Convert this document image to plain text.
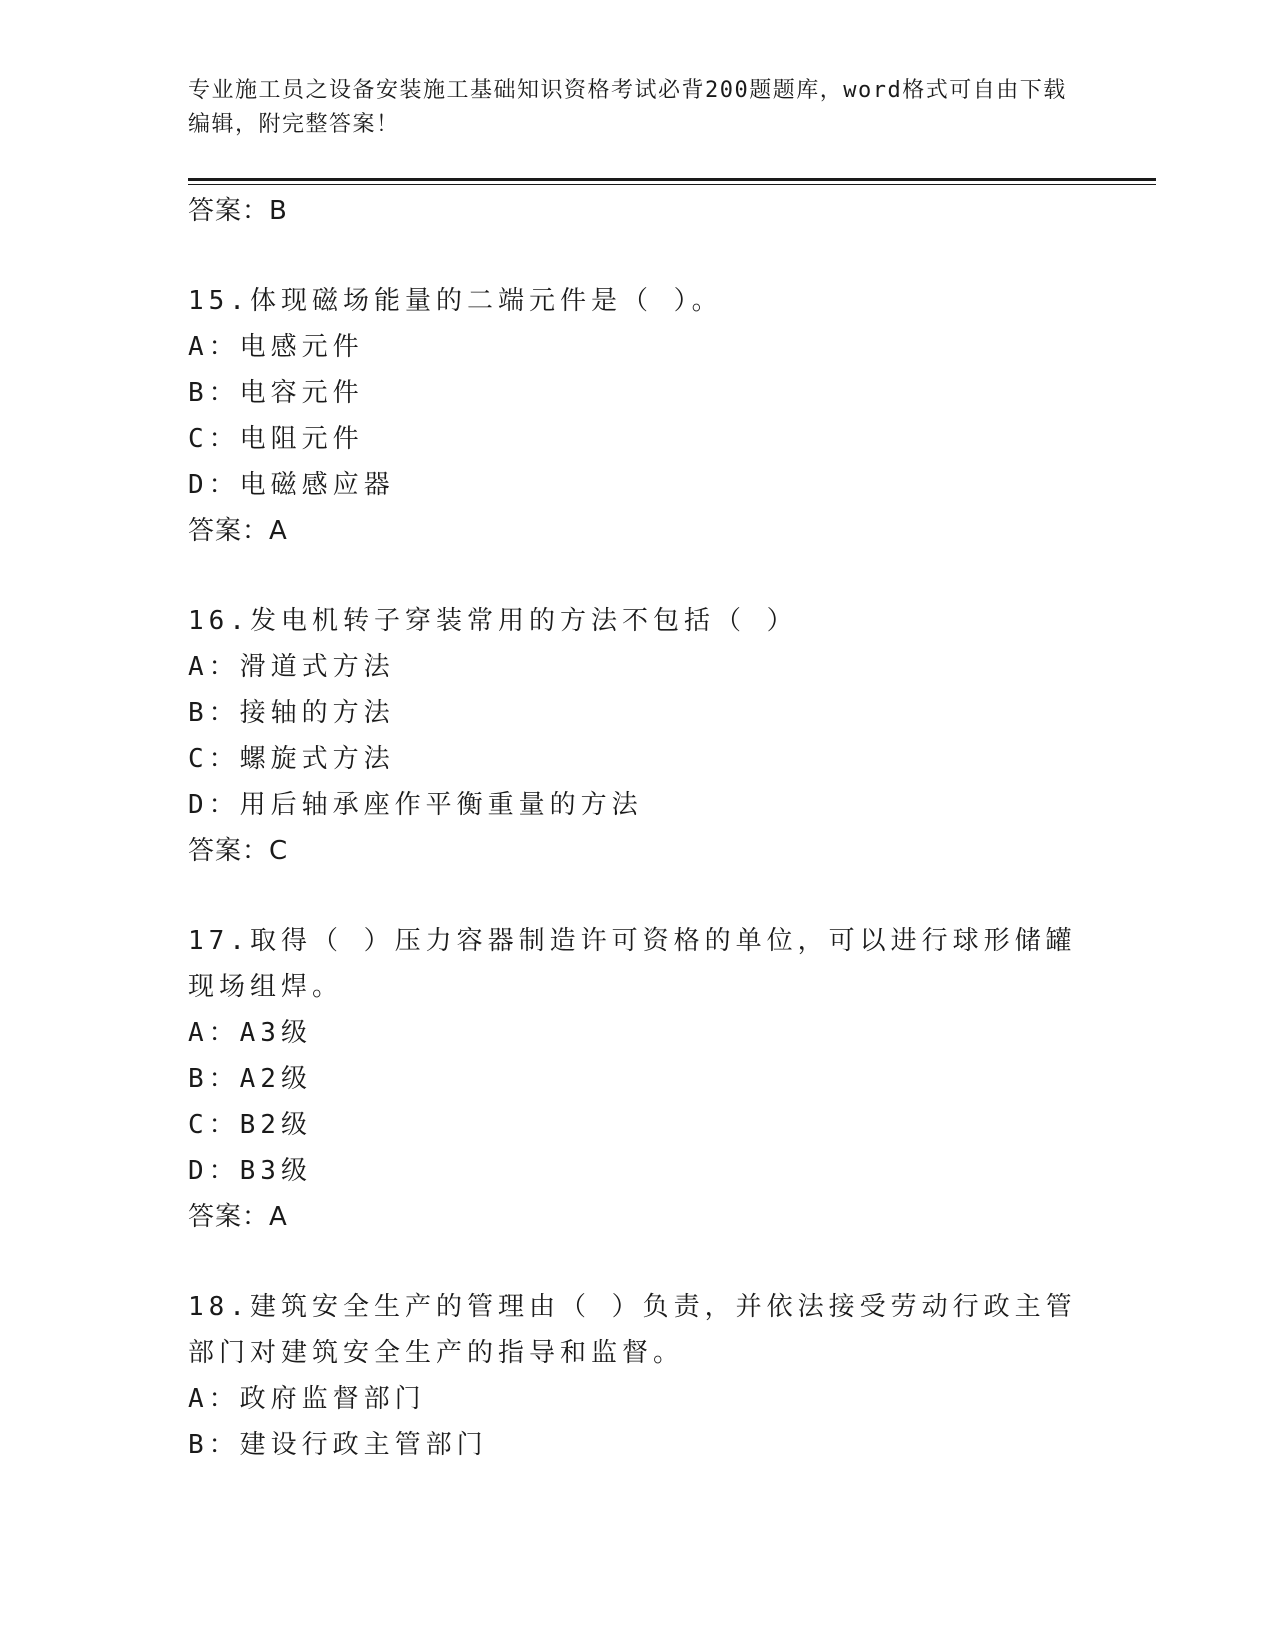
专业施工员之设备安装施工基础知识资格考试必背200题题库，word格式可自由下载编辑，附完整答案！
答案：B
15.体现磁场能量的二端元件是（ ）。
A：电感元件
B：电容元件
C：电阻元件
D：电磁感应器
答案：A
16.发电机转子穿装常用的方法不包括（ ）
A：滑道式方法
B：接轴的方法
C：螺旋式方法
D：用后轴承座作平衡重量的方法
答案：C
17.取得（ ）压力容器制造许可资格的单位，可以进行球形储罐现场组焊。
A：A3级
B：A2级
C：B2级
D：B3级
答案：A
18.建筑安全生产的管理由（ ）负责，并依法接受劳动行政主管部门对建筑安全生产的指导和监督。
A：政府监督部门
B：建设行政主管部门
